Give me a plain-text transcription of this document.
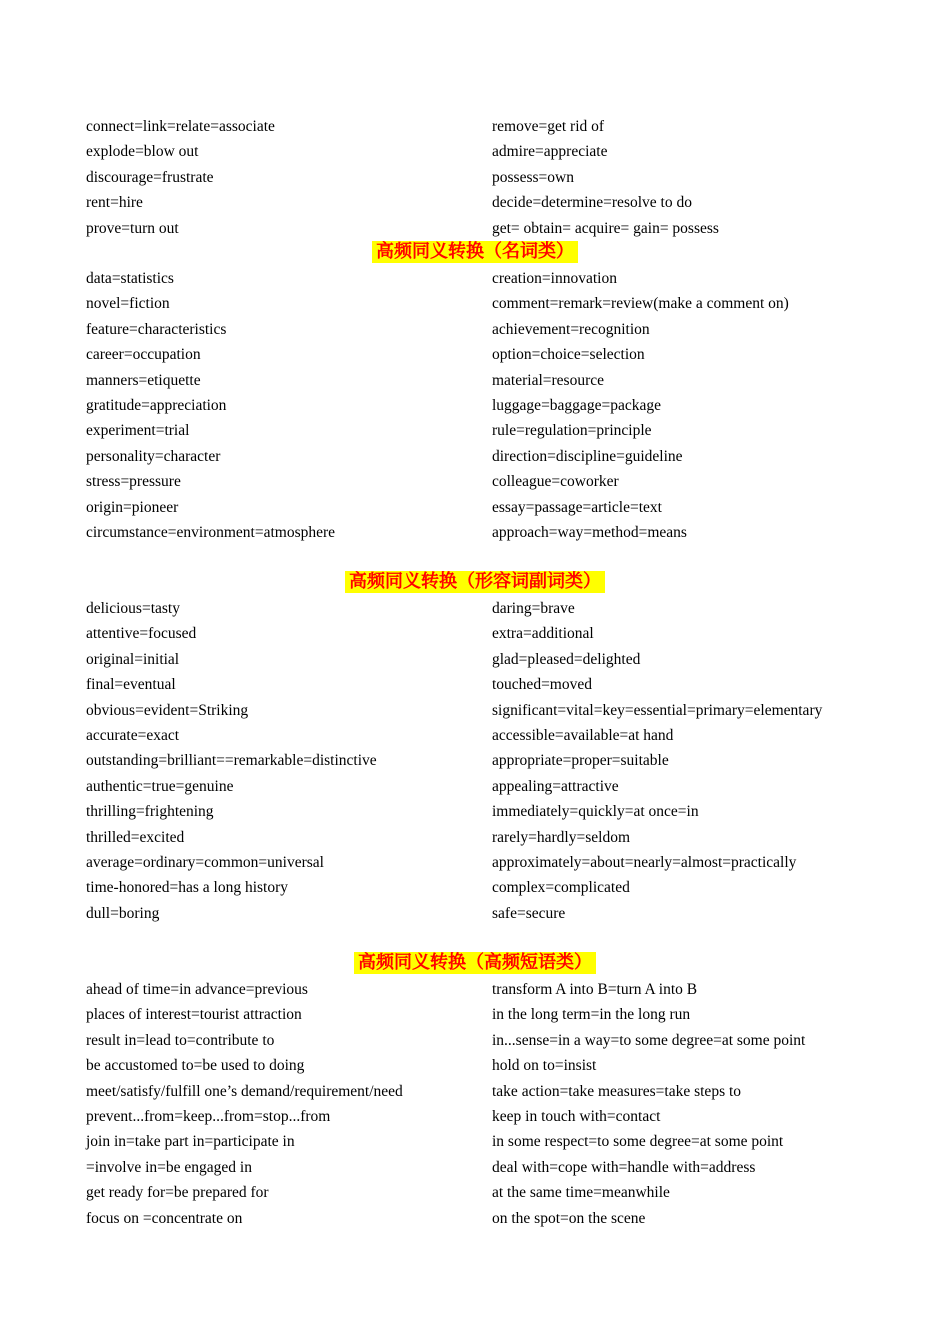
connect=link=relate=associate	remove=get rid of
explode=blow out	admire=appreciate
discourage=frustrate	possess=own
rent=hire	decide=determine=resolve to do
prove=turn out	get= obtain= acquire= gain= possess
高频同义转换（名词类）
data=statistics	creation=innovation
novel=fiction	comment=remark=review(make a comment on)
feature=characteristics	achievement=recognition
career=occupation	option=choice=selection
manners=etiquette	material=resource
gratitude=appreciation	luggage=baggage=package
experiment=trial	rule=regulation=principle
personality=character	direction=discipline=guideline
stress=pressure	colleague=coworker
origin=pioneer	essay=passage=article=text
circumstance=environment=atmosphere	approach=way=method=means
高频同义转换（形容词副词类）
delicious=tasty	daring=brave
attentive=focused	extra=additional
original=initial	glad=pleased=delighted
final=eventual	touched=moved
obvious=evident=Striking	significant=vital=key=essential=primary=elementary
accurate=exact	accessible=available=at hand
outstanding=brilliant==remarkable=distinctive	appropriate=proper=suitable
authentic=true=genuine	appealing=attractive
thrilling=frightening	immediately=quickly=at once=in
thrilled=excited	rarely=hardly=seldom
average=ordinary=common=universal	approximately=about=nearly=almost=practically
time-honored=has a long history	complex=complicated
dull=boring	safe=secure
高频同义转换（高频短语类）
ahead of time=in advance=previous	transform A into B=turn A into B
places of interest=tourist attraction	in the long term=in the long run
result in=lead to=contribute to	in...sense=in a way=to some degree=at some point
be accustomed to=be used to doing	hold on to=insist
meet/satisfy/fulfill one’s demand/requirement/need	take action=take measures=take steps to
prevent...from=keep...from=stop...from	keep in touch with=contact
join in=take part in=participate in	in some respect=to some degree=at some point
=involve in=be engaged in	deal with=cope with=handle with=address
get ready for=be prepared for	at the same time=meanwhile
focus on =concentrate on	on the spot=on the scene
